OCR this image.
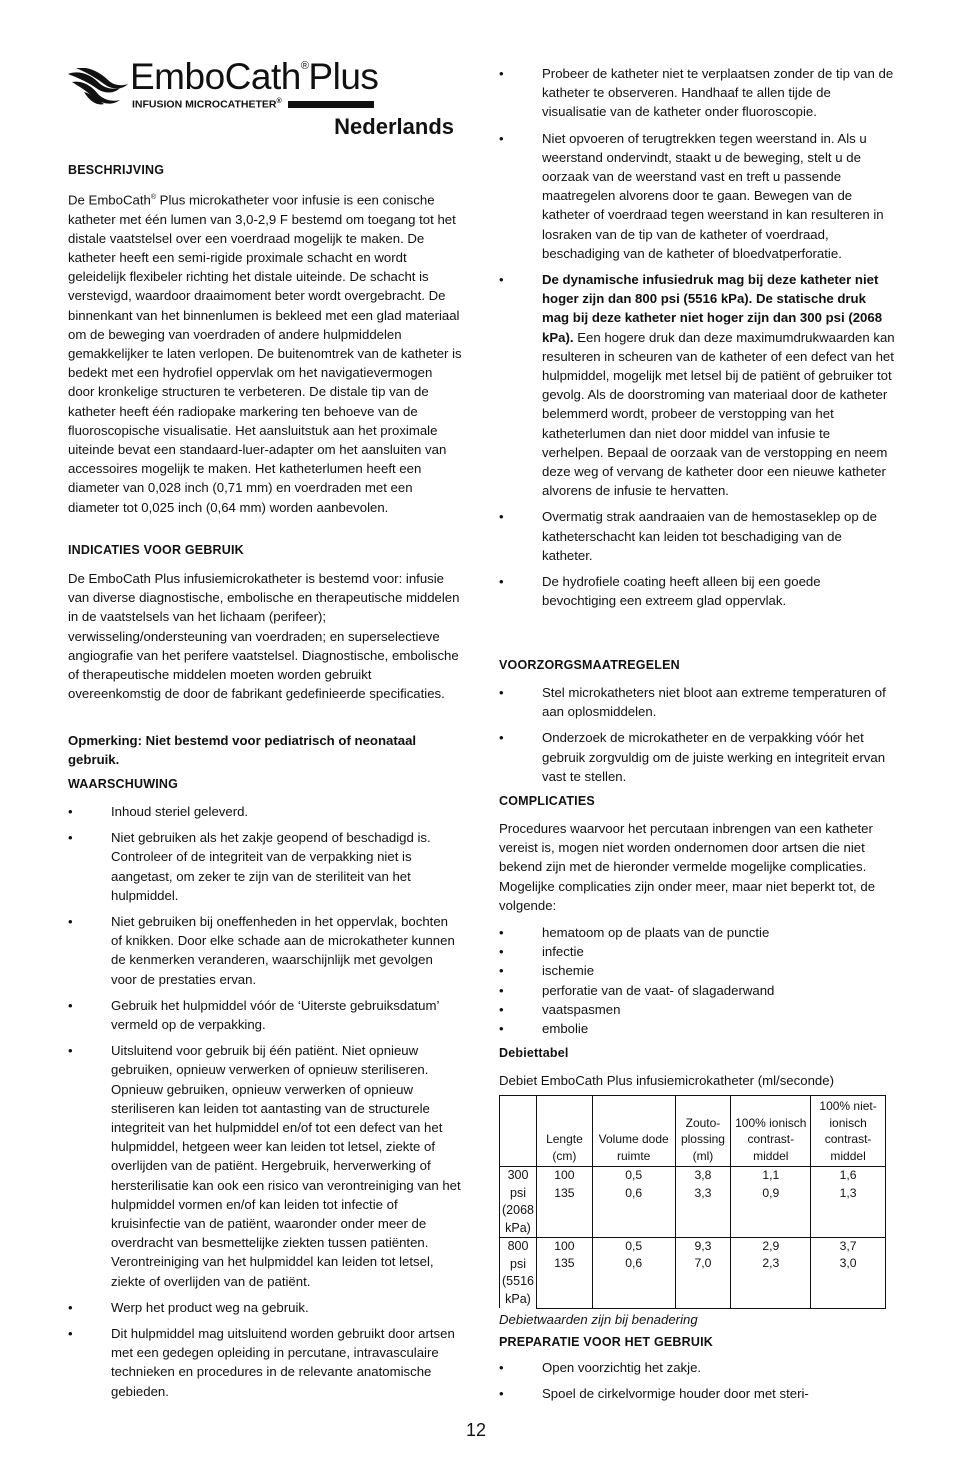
EmboCath®Plus
INFUSION MICROCATHETER®
Nederlands
BESCHRIJVING
De EmboCath® Plus microkatheter voor infusie is een conische katheter met één lumen van 3,0-2,9 F bestemd om toegang tot het distale vaatstelsel over een voerdraad mogelijk te maken. De katheter heeft een semi-rigide proximale schacht en wordt geleidelijk flexibeler richting het distale uiteinde. De schacht is verstevigd, waardoor draaimoment beter wordt overgebracht. De binnenkant van het binnenlumen is bekleed met een glad materiaal om de beweging van voerdraden of andere hulpmiddelen gemakkelijker te laten verlopen. De buitenomtrek van de katheter is bedekt met een hydrofiel oppervlak om het navigatievermogen door kronkelige structuren te verbeteren. De distale tip van de katheter heeft één radiopake markering ten behoeve van de fluoroscopische visualisatie. Het aansluitstuk aan het proximale uiteinde bevat een standaard-luer-adapter om het aansluiten van accessoires mogelijk te maken. Het katheterlumen heeft een diameter van 0,028 inch (0,71 mm) en voerdraden met een diameter tot 0,025 inch (0,64 mm) worden aanbevolen.
INDICATIES VOOR GEBRUIK
De EmboCath Plus infusiemicrokatheter is bestemd voor: infusie van diverse diagnostische, embolische en therapeutische middelen in de vaatstelsels van het lichaam (perifeer); verwisseling/ondersteuning van voerdraden; en superselectieve angiografie van het perifere vaatstelsel. Diagnostische, embolische of therapeutische middelen moeten worden gebruikt overeenkomstig de door de fabrikant gedefinieerde specificaties.
Opmerking: Niet bestemd voor pediatrisch of neonataal gebruik.
WAARSCHUWING
• Inhoud steriel geleverd.
• Niet gebruiken als het zakje geopend of beschadigd is. Controleer of de integriteit van de verpakking niet is aangetast, om zeker te zijn van de steriliteit van het hulpmiddel.
• Niet gebruiken bij oneffenheden in het oppervlak, bochten of knikken. Door elke schade aan de microkatheter kunnen de kenmerken veranderen, waarschijnlijk met gevolgen voor de prestaties ervan.
• Gebruik het hulpmiddel vóór de ‘Uiterste gebruiksdatum’ vermeld op de verpakking.
• Uitsluitend voor gebruik bij één patiënt. Niet opnieuw gebruiken, opnieuw verwerken of opnieuw steriliseren. Opnieuw gebruiken, opnieuw verwerken of opnieuw steriliseren kan leiden tot aantasting van de structurele integriteit van het hulpmiddel en/of tot een defect van het hulpmiddel, hetgeen weer kan leiden tot letsel, ziekte of overlijden van de patiënt. Hergebruik, herverwerking of hersterilisatie kan ook een risico van verontreiniging van het hulpmiddel vormen en/of kan leiden tot infectie of kruisinfectie van de patiënt, waaronder onder meer de overdracht van besmettelijke ziekten tussen patiënten. Verontreiniging van het hulpmiddel kan leiden tot letsel, ziekte of overlijden van de patiënt.
• Werp het product weg na gebruik.
• Dit hulpmiddel mag uitsluitend worden gebruikt door artsen met een gedegen opleiding in percutane, intravasculaire technieken en procedures in de relevante anatomische gebieden.
• Probeer de katheter niet te verplaatsen zonder de tip van de katheter te observeren. Handhaaf te allen tijde de visualisatie van de katheter onder fluoroscopie.
• Niet opvoeren of terugtrekken tegen weerstand in. Als u weerstand ondervindt, staakt u de beweging, stelt u de oorzaak van de weerstand vast en treft u passende maatregelen alvorens door te gaan. Bewegen van de katheter of voerdraad tegen weerstand in kan resulteren in losraken van de tip van de katheter of voerdraad, beschadiging van de katheter of bloedvatperforatie.
• De dynamische infusiedruk mag bij deze katheter niet hoger zijn dan 800 psi (5516 kPa). De statische druk mag bij deze katheter niet hoger zijn dan 300 psi (2068 kPa). Een hogere druk dan deze maximumdrukwaarden kan resulteren in scheuren van de katheter of een defect van het hulpmiddel, mogelijk met letsel bij de patiënt of gebruiker tot gevolg. Als de doorstroming van materiaal door de katheter belemmerd wordt, probeer de verstopping van het katheterlumen dan niet door middel van infusie te verhelpen. Bepaal de oorzaak van de verstopping en neem deze weg of vervang de katheter door een nieuwe katheter alvorens de infusie te hervatten.
• Overmatig strak aandraaien van de hemostaseklep op de katheterschacht kan leiden tot beschadiging van de katheter.
• De hydrofiele coating heeft alleen bij een goede bevochtiging een extreem glad oppervlak.
VOORZORGSMAATREGELEN
• Stel microkatheters niet bloot aan extreme temperaturen of aan oplosmiddelen.
• Onderzoek de microkatheter en de verpakking vóór het gebruik zorgvuldig om de juiste werking en integriteit ervan vast te stellen.
COMPLICATIES
Procedures waarvoor het percutaan inbrengen van een katheter vereist is, mogen niet worden ondernomen door artsen die niet bekend zijn met de hieronder vermelde mogelijke complicaties. Mogelijke complicaties zijn onder meer, maar niet beperkt tot, de volgende:
• hematoom op de plaats van de punctie
• infectie
• ischemie
• perforatie van de vaat- of slagaderwand
• vaatspasmen
• embolie
Debiettabel
Debiet EmboCath Plus infusiemicrokatheter (ml/seconde)
	Lengte (cm)	Volume dode ruimte	Zouto-plossing (ml)	100% ionisch contrast-middel	100% niet-ionisch contrast-middel
300 psi (2068 kPa)	100	0,5	3,8	1,1	1,6
	135	0,6	3,3	0,9	1,3
800 psi (5516 kPa)	100	0,5	9,3	2,9	3,7
	135	0,6	7,0	2,3	3,0
Debietwaarden zijn bij benadering
PREPARATIE VOOR HET GEBRUIK
• Open voorzichtig het zakje.
• Spoel de cirkelvormige houder door met steri-
12
